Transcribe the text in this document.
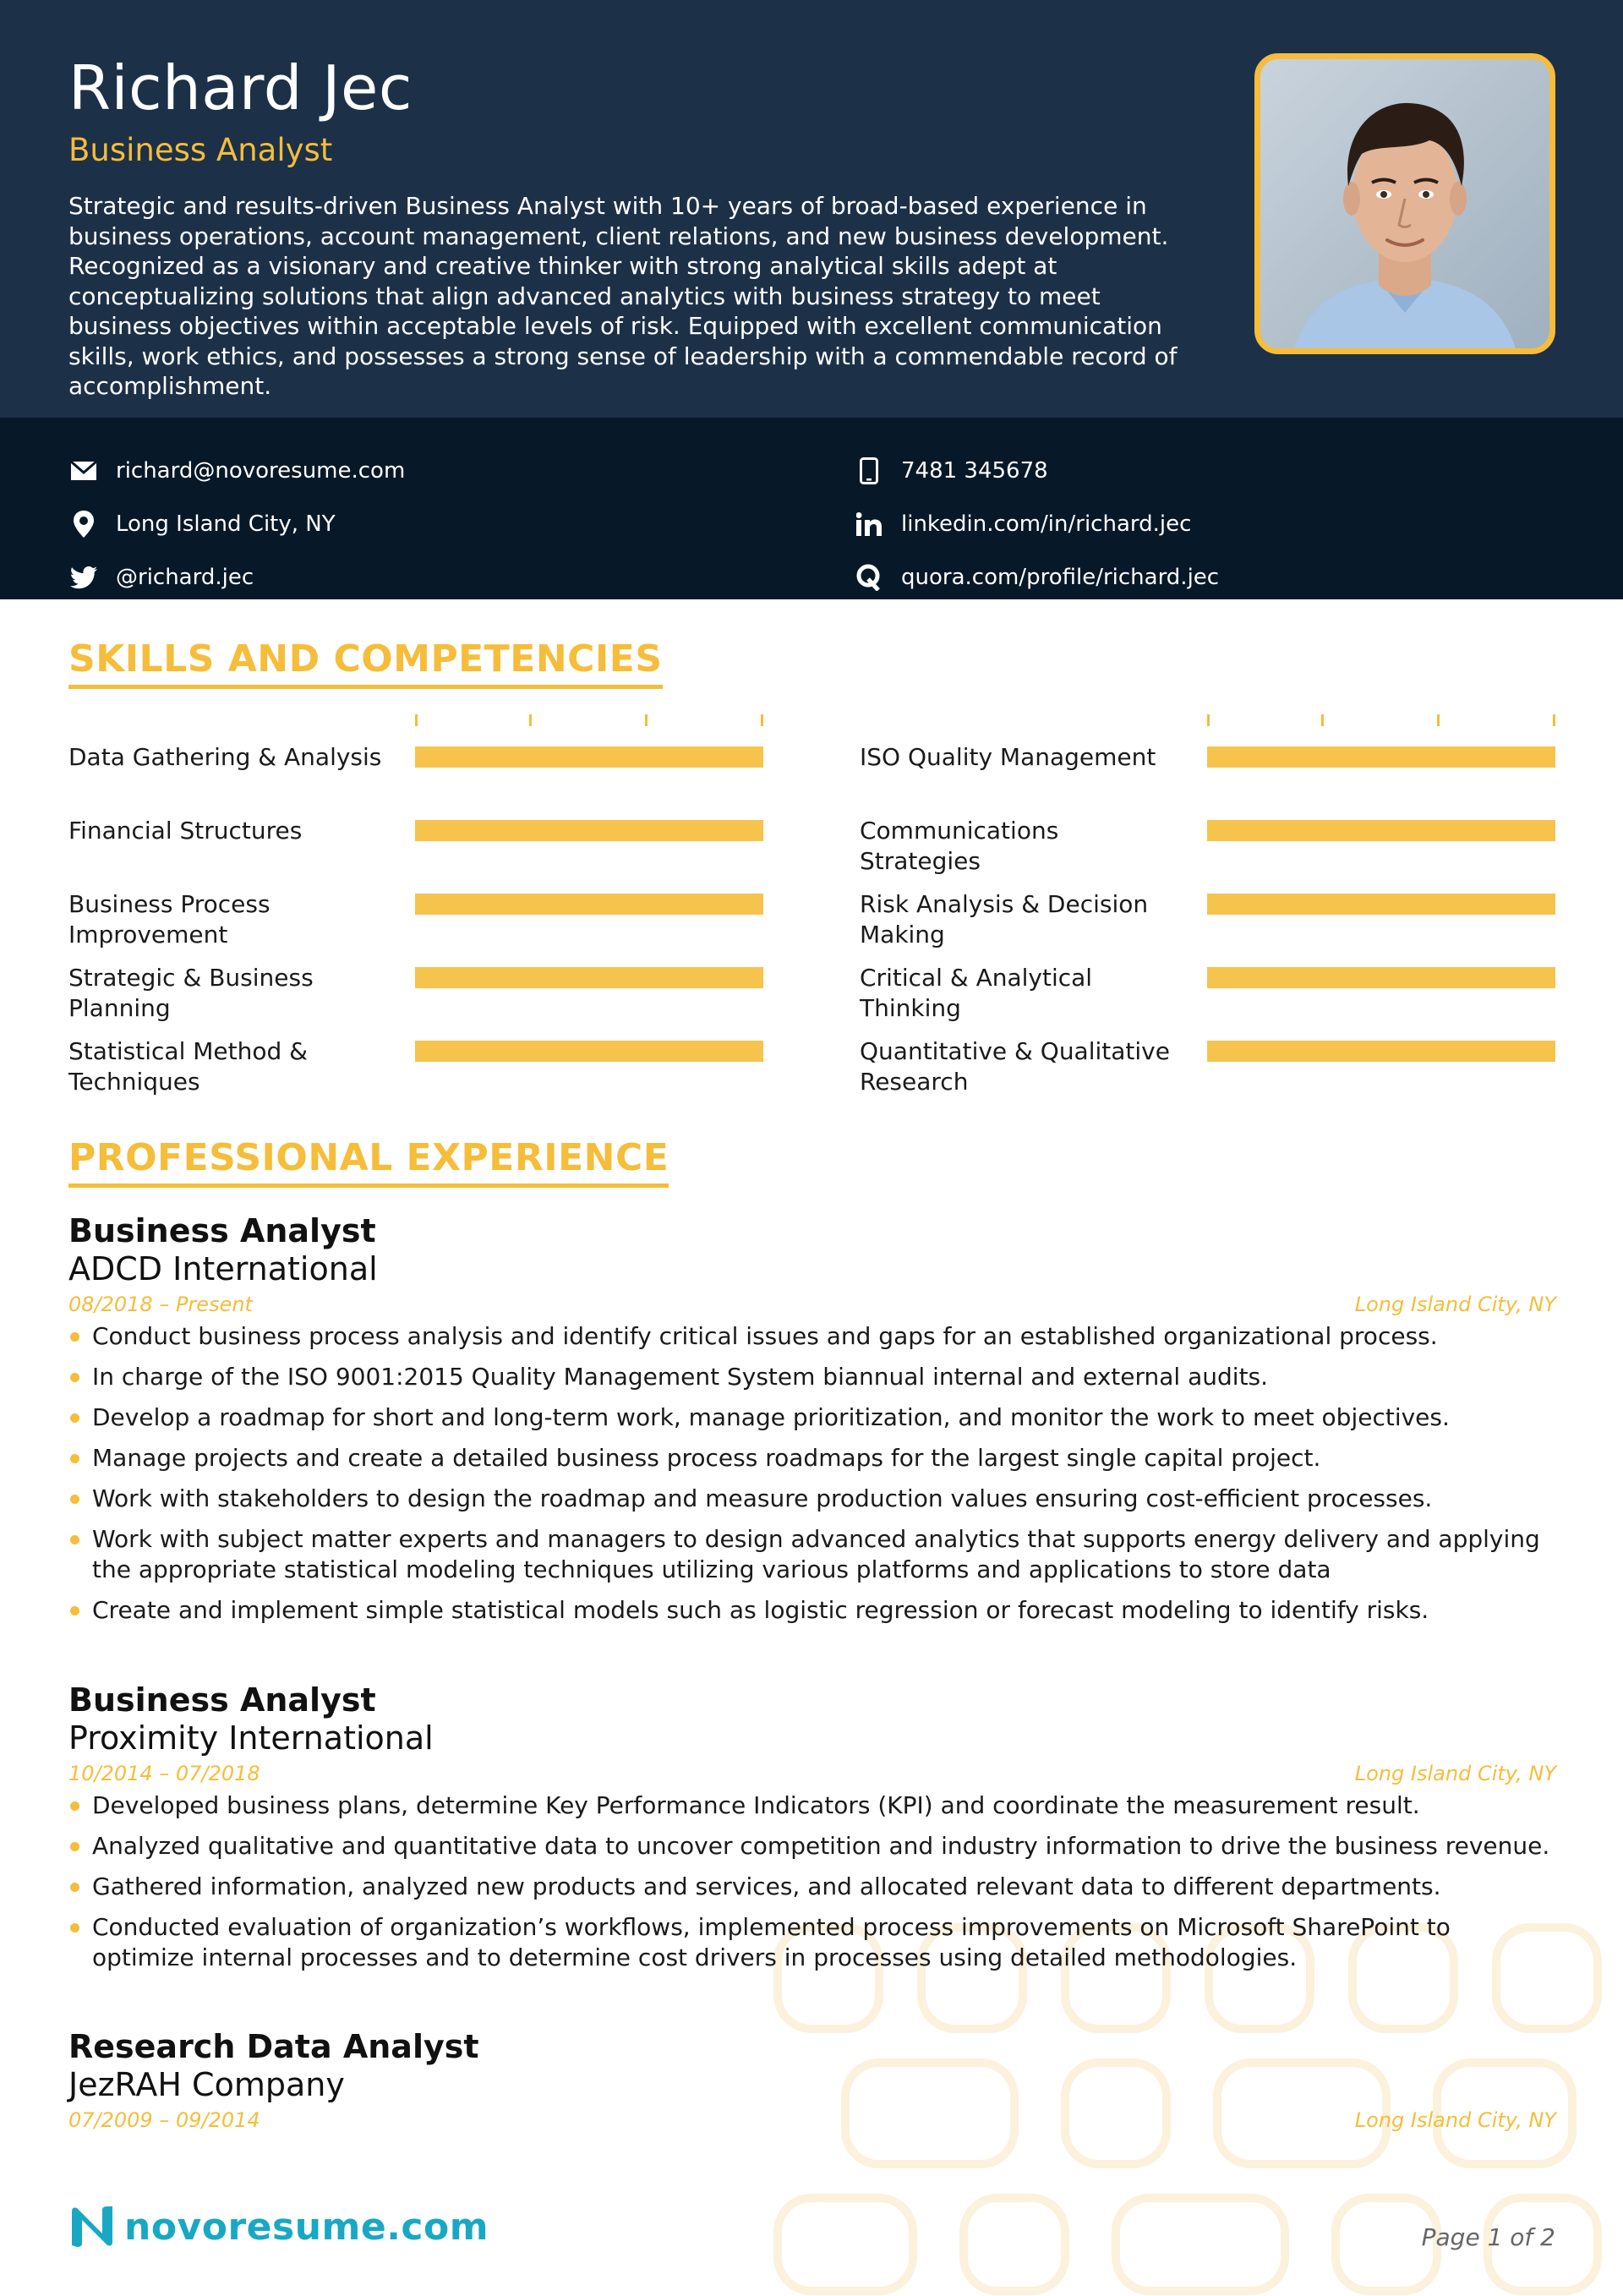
Richard Jec
Business Analyst

Strategic and results-driven Business Analyst with 10+ years of broad-based experience in business operations, account management, client relations, and new business development. Recognized as a visionary and creative thinker with strong analytical skills adept at conceptualizing solutions that align advanced analytics with business strategy to meet business objectives within acceptable levels of risk. Equipped with excellent communication skills, work ethics, and possesses a strong sense of leadership with a commendable record of accomplishment.

richard@novoresume.com
Long Island City, NY
@richard.jec
7481 345678
linkedin.com/in/richard.jec
quora.com/profile/richard.jec
SKILLS AND COMPETENCIES
Data Gathering & Analysis
Financial Structures
Business Process Improvement
Strategic & Business Planning
Statistical Method & Techniques
ISO Quality Management
Communications Strategies
Risk Analysis & Decision Making
Critical & Analytical Thinking
Quantitative & Qualitative Research
PROFESSIONAL EXPERIENCE
Business Analyst
ADCD International
08/2018 – Present	Long Island City, NY
Conduct business process analysis and identify critical issues and gaps for an established organizational process.
In charge of the ISO 9001:2015 Quality Management System biannual internal and external audits.
Develop a roadmap for short and long-term work, manage prioritization, and monitor the work to meet objectives.
Manage projects and create a detailed business process roadmaps for the largest single capital project.
Work with stakeholders to design the roadmap and measure production values ensuring cost-efficient processes.
Work with subject matter experts and managers to design advanced analytics that supports energy delivery and applying the appropriate statistical modeling techniques utilizing various platforms and applications to store data
Create and implement simple statistical models such as logistic regression or forecast modeling to identify risks.
Business Analyst
Proximity International
10/2014 – 07/2018	Long Island City, NY
Developed business plans, determine Key Performance Indicators (KPI) and coordinate the measurement result.
Analyzed qualitative and quantitative data to uncover competition and industry information to drive the business revenue.
Gathered information, analyzed new products and services, and allocated relevant data to different departments.
Conducted evaluation of organization’s workflows, implemented process improvements on Microsoft SharePoint to optimize internal processes and to determine cost drivers in processes using detailed methodologies.
Research Data Analyst
JezRAH Company
07/2009 – 09/2014	Long Island City, NY
novoresume.com	Page 1 of 2
